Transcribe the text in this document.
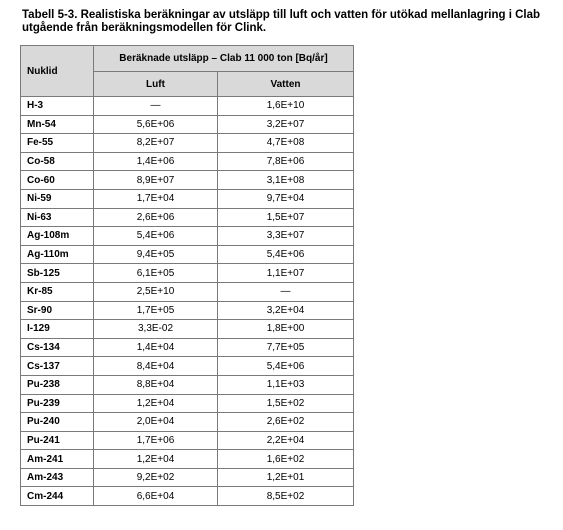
Tabell 5-3. Realistiska beräkningar av utsläpp till luft och vatten för utökad mellanlagring i Clab
utgående från beräkningsmodellen för Clink.
Nuklid	Beräknade utsläpp – Clab 11 000 ton [Bq/år]	
	Luft	Vatten
H-3	—	1,6E+10
Mn-54	5,6E+06	3,2E+07
Fe-55	8,2E+07	4,7E+08
Co-58	1,4E+06	7,8E+06
Co-60	8,9E+07	3,1E+08
Ni-59	1,7E+04	9,7E+04
Ni-63	2,6E+06	1,5E+07
Ag-108m	5,4E+06	3,3E+07
Ag-110m	9,4E+05	5,4E+06
Sb-125	6,1E+05	1,1E+07
Kr-85	2,5E+10	—
Sr-90	1,7E+05	3,2E+04
I-129	3,3E-02	1,8E+00
Cs-134	1,4E+04	7,7E+05
Cs-137	8,4E+04	5,4E+06
Pu-238	8,8E+04	1,1E+03
Pu-239	1,2E+04	1,5E+02
Pu-240	2,0E+04	2,6E+02
Pu-241	1,7E+06	2,2E+04
Am-241	1,2E+04	1,6E+02
Am-243	9,2E+02	1,2E+01
Cm-244	6,6E+04	8,5E+02
